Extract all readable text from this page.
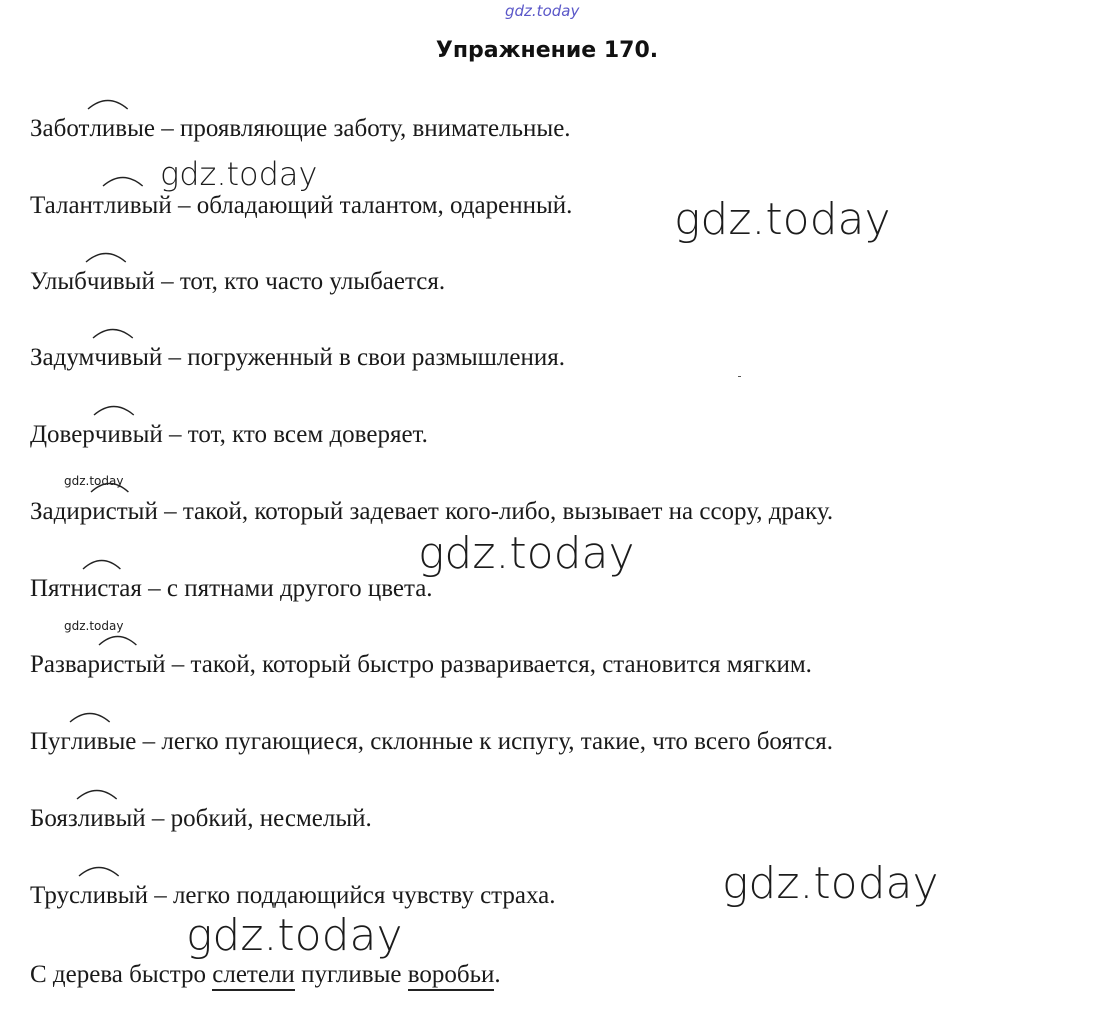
gdz.today
Упражнение 170.
Забот
ливые – проявляющие заботу, внимательные.
gdz.today
Талант
ливый – обладающий талантом, одаренный. gdz.today
Улыб
чивый – тот, кто часто улыбается.
Задум
чивый – погруженный в свои размышления.
Довер
чивый – тот, кто всем доверяет.
gdz.today
Задир
истый – такой, который задевает кого-либо, вызывает на ссору, драку.
gdz.today
Пятн
истая – с пятнами другого цвета.
gdz.today
Развар
истый – такой, который быстро разваривается, становится мягким.
Пуг
ливые – легко пугающиеся, склонные к испугу, такие, что всего боятся.
Бояз
ливый – робкий, несмелый.
gdz.today
Трус
ливый – легко поддающийся чувству страха.
gdz.today
С дерева быстро слетели пугливые воробьи.
